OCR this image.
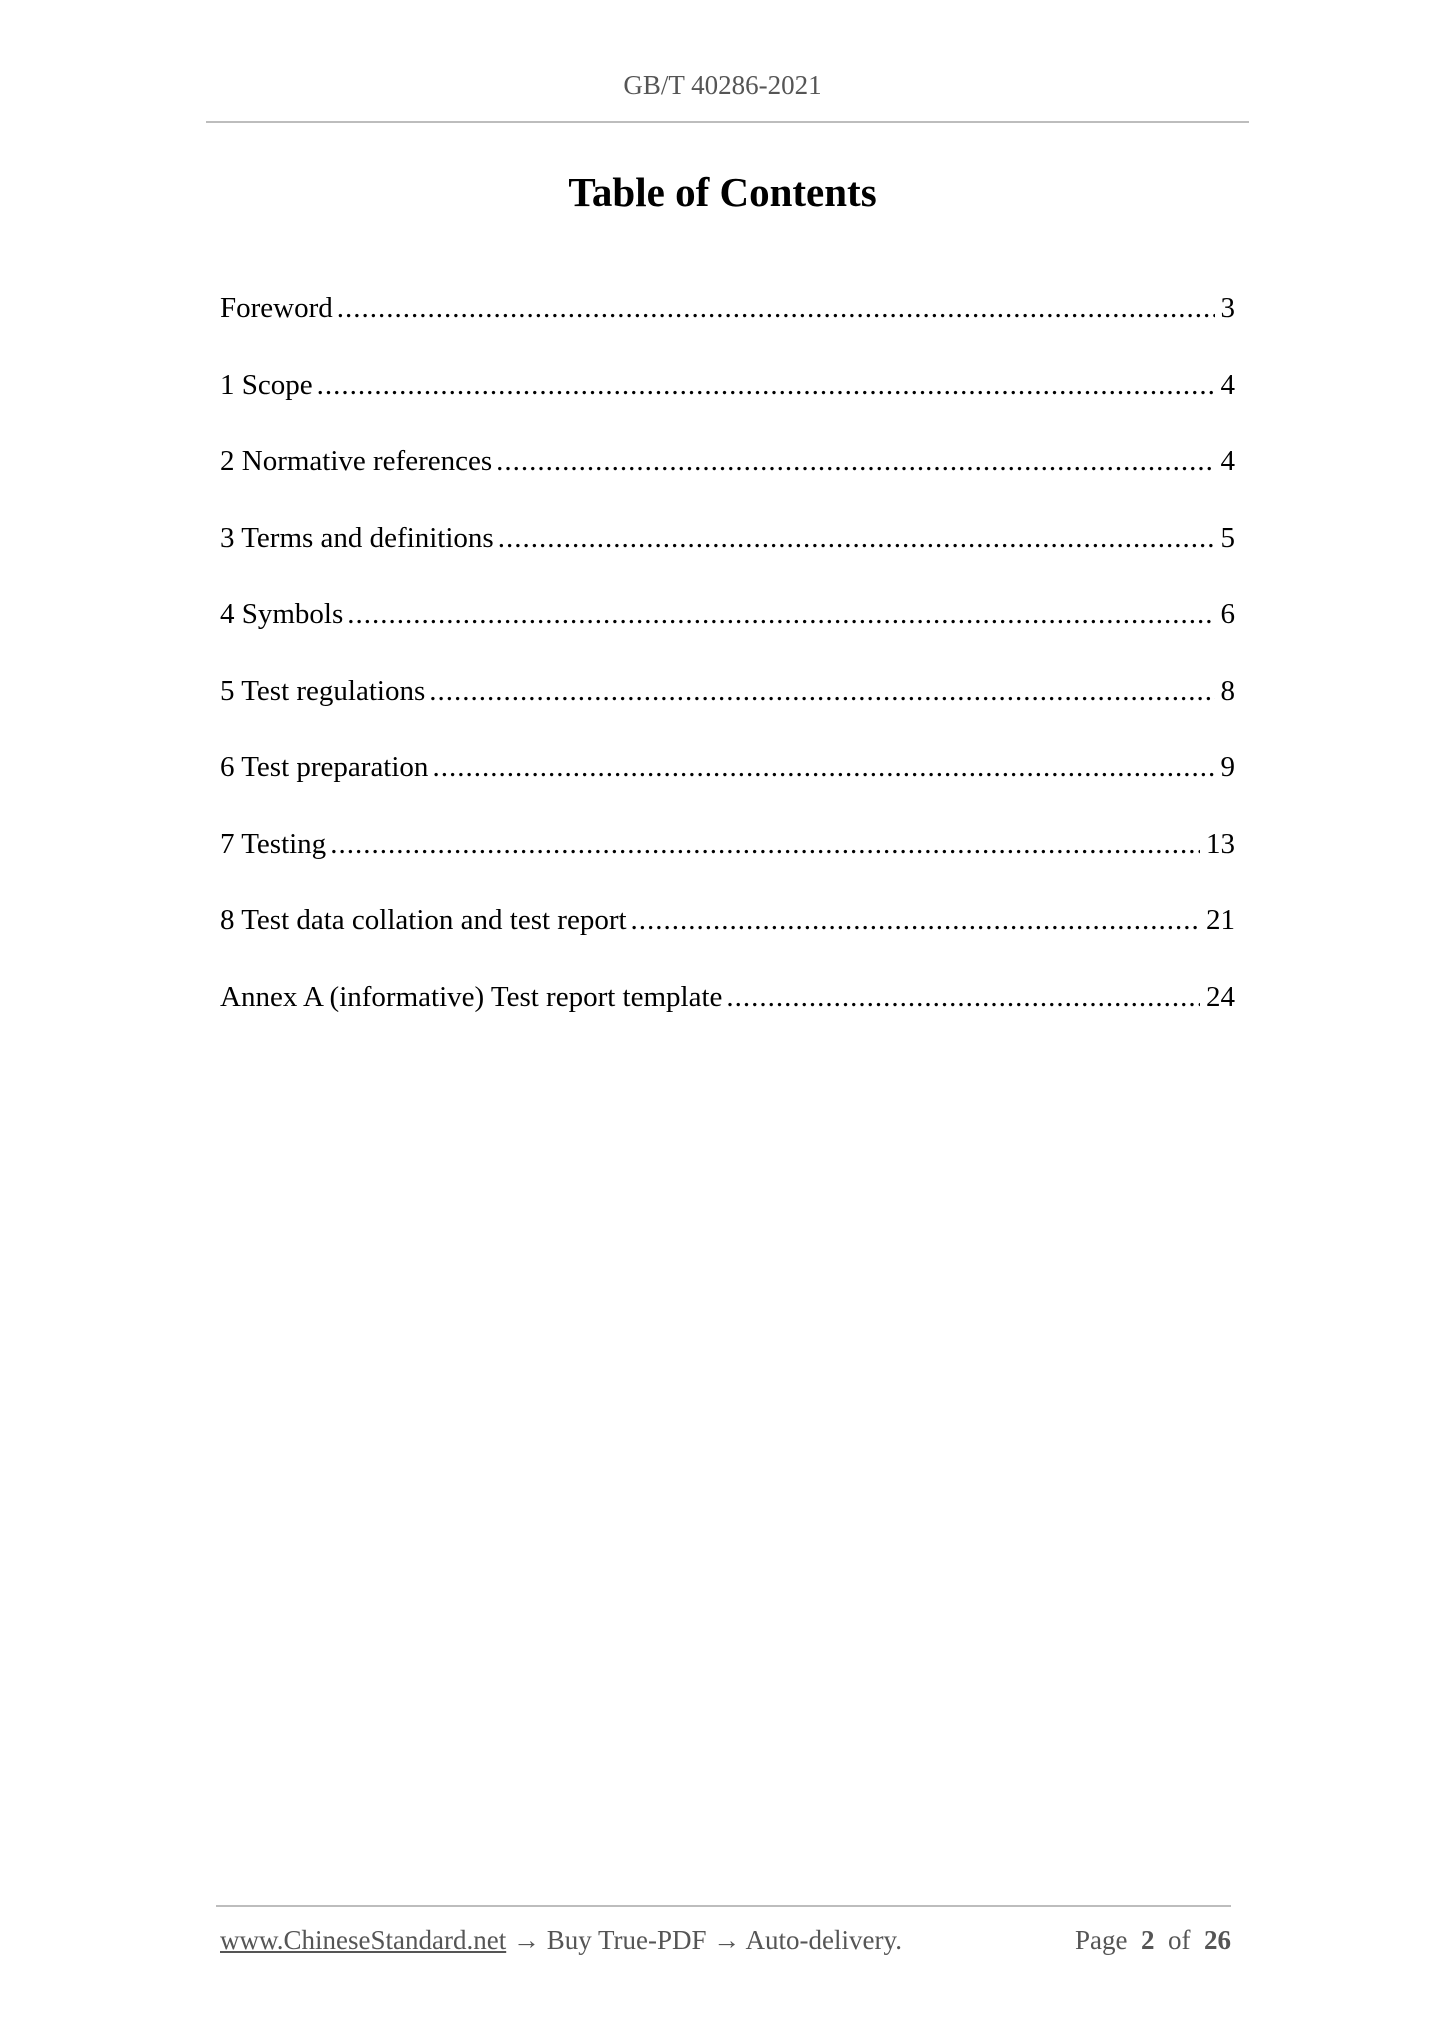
GB/T 40286-2021
Table of Contents
Foreword .....	3
1 Scope .....	4
2 Normative references .....	4
3 Terms and definitions .....	5
4 Symbols .....	6
5 Test regulations .....	8
6 Test preparation .....	9
7 Testing .....	13
8 Test data collation and test report .....	21
Annex A (informative) Test report template .....	24
www.ChineseStandard.net → Buy True-PDF → Auto-delivery.	Page 2 of 26
